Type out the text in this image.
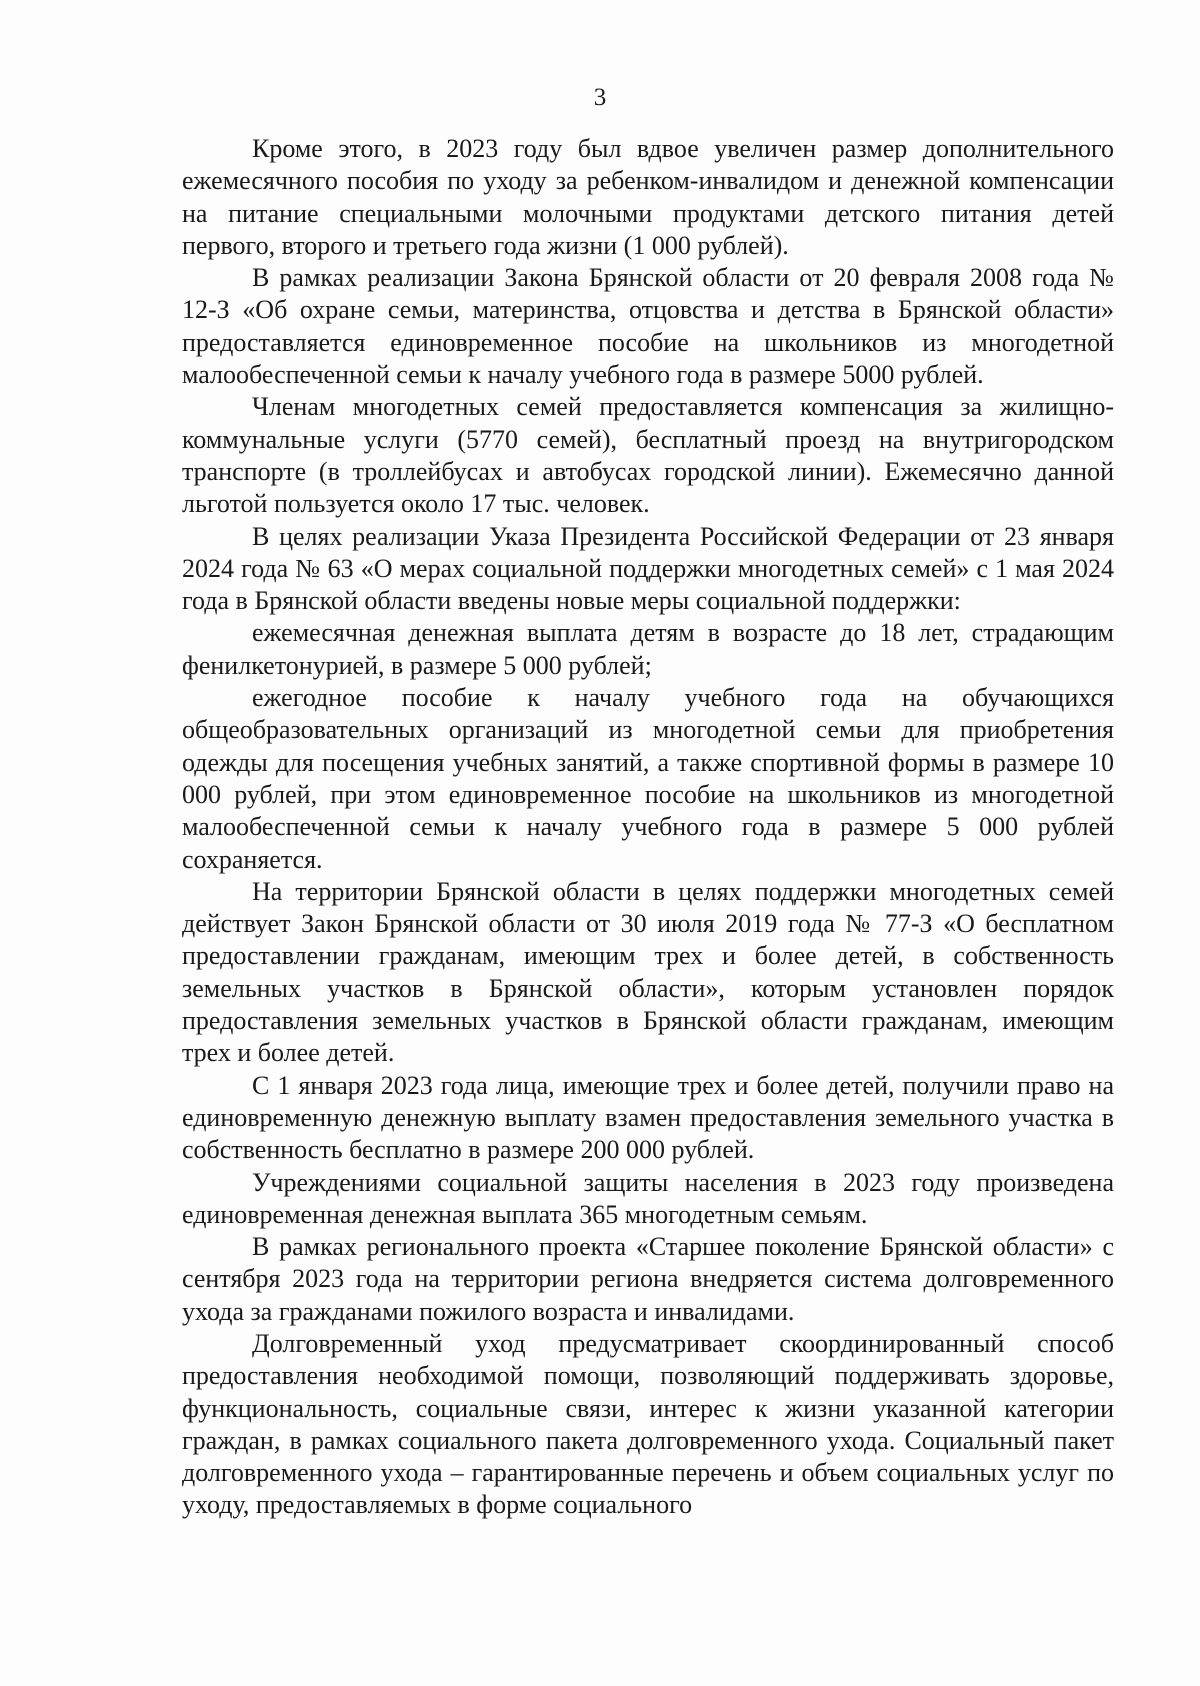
3

Кроме этого, в 2023 году был вдвое увеличен размер дополнительного ежемесячного пособия по уходу за ребенком-инвалидом и денежной компенсации на питание специальными молочными продуктами детского питания детей первого, второго и третьего года жизни (1 000 рублей).

В рамках реализации Закона Брянской области от 20 февраля 2008 года № 12-З «Об охране семьи, материнства, отцовства и детства в Брянской области» предоставляется единовременное пособие на школьников из многодетной малообеспеченной семьи к началу учебного года в размере 5000 рублей.

Членам многодетных семей предоставляется компенсация за жилищно-коммунальные услуги (5770 семей), бесплатный проезд на внутригородском транспорте (в троллейбусах и автобусах городской линии). Ежемесячно данной льготой пользуется около 17 тыс. человек.

В целях реализации Указа Президента Российской Федерации от 23 января 2024 года № 63 «О мерах социальной поддержки многодетных семей» с 1 мая 2024 года в Брянской области введены новые меры социальной поддержки:

ежемесячная денежная выплата детям в возрасте до 18 лет, страдающим фенилкетонурией, в размере 5 000 рублей;

ежегодное пособие к началу учебного года на обучающихся общеобразовательных организаций из многодетной семьи для приобретения одежды для посещения учебных занятий, а также спортивной формы в размере 10 000 рублей, при этом единовременное пособие на школьников из многодетной малообеспеченной семьи к началу учебного года в размере 5 000 рублей сохраняется.

На территории Брянской области в целях поддержки многодетных семей действует Закон Брянской области от 30 июля 2019 года № 77-З «О бесплатном предоставлении гражданам, имеющим трех и более детей, в собственность земельных участков в Брянской области», которым установлен порядок предоставления земельных участков в Брянской области гражданам, имеющим трех и более детей.

С 1 января 2023 года лица, имеющие трех и более детей, получили право на единовременную денежную выплату взамен предоставления земельного участка в собственность бесплатно в размере 200 000 рублей.

Учреждениями социальной защиты населения в 2023 году произведена единовременная денежная выплата 365 многодетным семьям.

В рамках регионального проекта «Старшее поколение Брянской области» с сентября 2023 года на территории региона внедряется система долговременного ухода за гражданами пожилого возраста и инвалидами.

Долговременный уход предусматривает скоординированный способ предоставления необходимой помощи, позволяющий поддерживать здоровье, функциональность, социальные связи, интерес к жизни указанной категории граждан, в рамках социального пакета долговременного ухода. Социальный пакет долговременного ухода – гарантированные перечень и объем социальных услуг по уходу, предоставляемых в форме социального
